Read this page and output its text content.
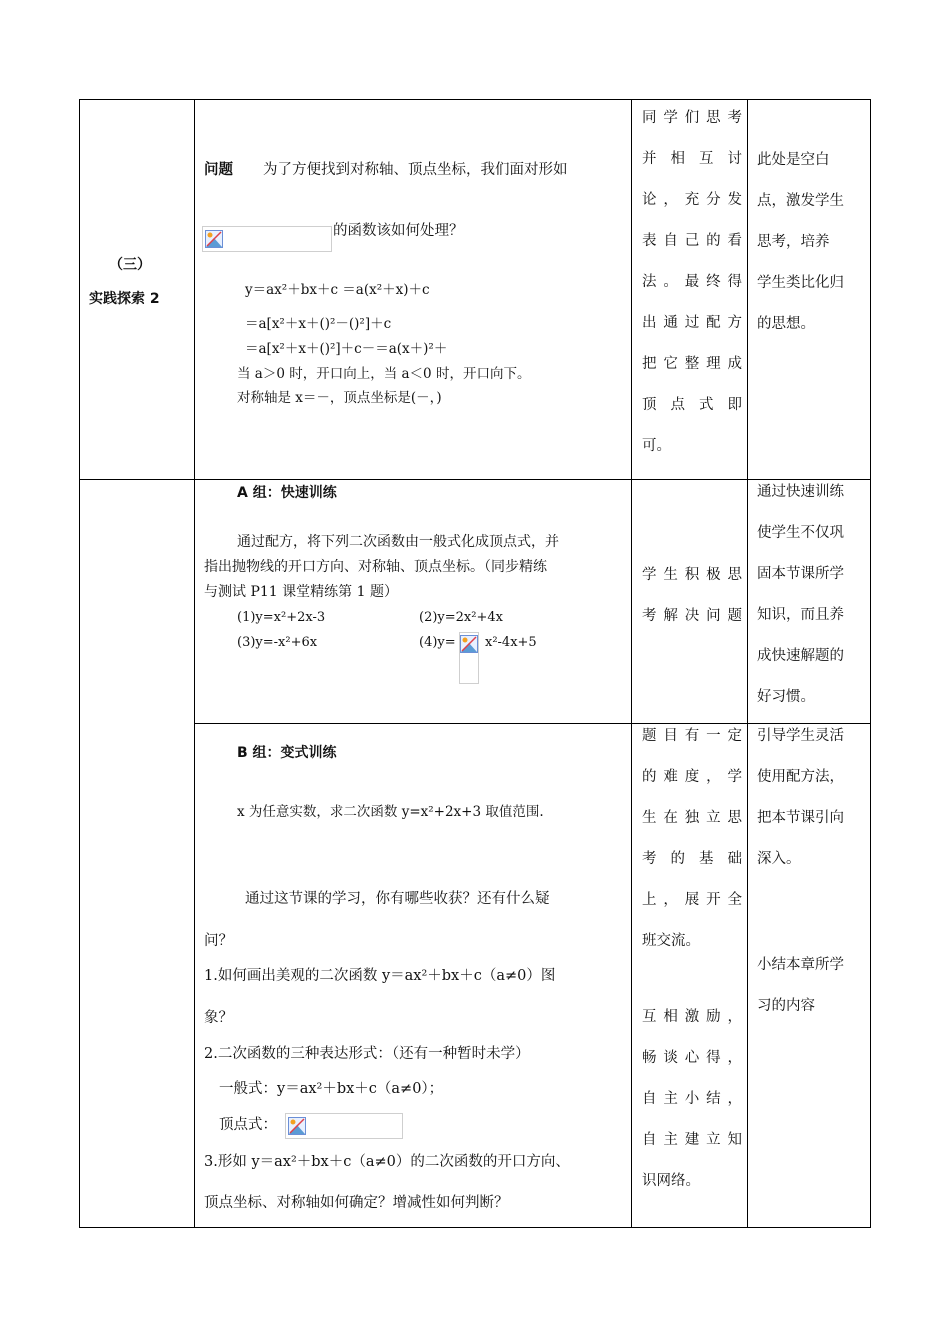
（三）
实践探索 2
问题 为了方便找到对称轴、顶点坐标，我们面对形如
的函数该如何处理？
y＝ax²＋bx＋c ＝a(x²＋x)＋c
＝a[x²＋x＋()²－()²]＋c
＝a[x²＋x＋()²]＋c－＝a(x＋)²＋
当 a＞0 时，开口向上，当 a＜0 时，开口向下。
对称轴是 x＝－，顶点坐标是(－，)
同学们思考
并 相 互 讨
论，充分发
表自己的看
法。最终得
出通过配方
把它整理成
顶 点 式 即
可。
此处是空白
点，激发学生
思考，培养
学生类比化归
的思想。
A 组：快速训练
通过配方，将下列二次函数由一般式化成顶点式，并
指出抛物线的开口方向、对称轴、顶点坐标。（同步精练
与测试 P11 课堂精练第 1 题）
(1)y=x²+2x-3	(2)y=2x²+4x
(3)y=-x²+6x	(4)y= x²-4x+5
学生积极思
考解决问题
通过快速训练
使学生不仅巩
固本节课所学
知识，而且养
成快速解题的
好习惯。
B 组：变式训练
x 为任意实数，求二次函数 y=x²+2x+3 取值范围.
通过这节课的学习，你有哪些收获？还有什么疑
问？
1.如何画出美观的二次函数 y＝ax²＋bx＋c（a≠0）图
象？
2.二次函数的三种表达形式：（还有一种暂时未学）
一般式：y＝ax²＋bx＋c（a≠0）；
顶点式：
3.形如 y＝ax²＋bx＋c（a≠0）的二次函数的开口方向、
顶点坐标、对称轴如何确定？增减性如何判断？
题目有一定
的难度，学
生在独立思
考 的 基 础
上，展开全
班交流。
互相激励，
畅谈心得，
自主小结，
自主建立知
识网络。
引导学生灵活
使用配方法，
把本节课引向
深入。
小结本章所学
习的内容
